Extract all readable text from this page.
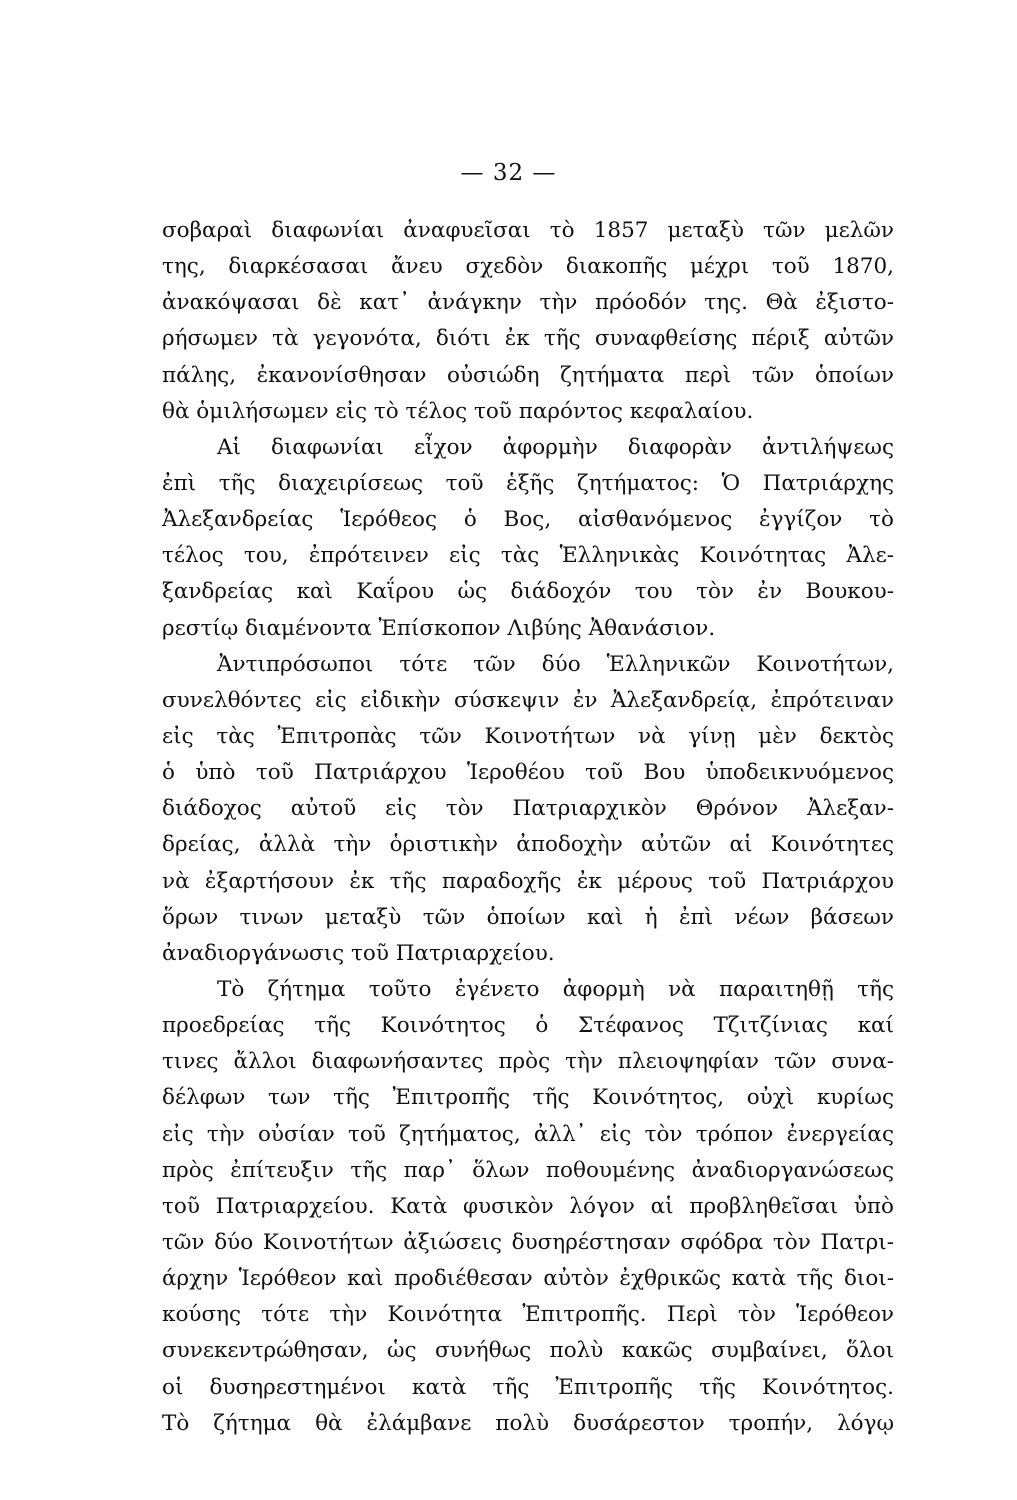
— 32 —
σοβαραὶ διαφωνίαι ἀναφυεῖσαι τὸ 1857 μεταξὺ τῶν μελῶν
της, διαρκέσασαι ἄνευ σχεδὸν διακοπῆς μέχρι τοῦ 1870,
ἀνακόψασαι δὲ κατ᾽ ἀνάγκην τὴν πρόοδόν της. Θὰ ἐξιστο-
ρήσωμεν τὰ γεγονότα, διότι ἐκ τῆς συναφθείσης πέριξ αὐτῶν
πάλης, ἐκανονίσθησαν οὐσιώδη ζητήματα περὶ τῶν ὁποίων
θὰ ὁμιλήσωμεν εἰς τὸ τέλος τοῦ παρόντος κεφαλαίου.
Αἱ διαφωνίαι εἶχον ἀφορμὴν διαφορὰν ἀντιλήψεως
ἐπὶ τῆς διαχειρίσεως τοῦ ἑξῆς ζητήματος: Ὁ Πατριάρχης
Ἀλεξανδρείας Ἱερόθεος ὁ Βος, αἰσθανόμενος ἐγγίζον τὸ
τέλος του, ἐπρότεινεν εἰς τὰς Ἑλληνικὰς Κοινότητας Ἀλε-
ξανδρείας καὶ Καΐρου ὡς διάδοχόν του τὸν ἐν Βουκου-
ρεστίῳ διαμένοντα Ἐπίσκοπον Λιβύης Ἀθανάσιον.
Ἀντιπρόσωποι τότε τῶν δύο Ἑλληνικῶν Κοινοτήτων,
συνελθόντες εἰς εἰδικὴν σύσκεψιν ἐν Ἀλεξανδρείᾳ, ἐπρότειναν
εἰς τὰς Ἐπιτροπὰς τῶν Κοινοτήτων νὰ γίνῃ μὲν δεκτὸς
ὁ ὑπὸ τοῦ Πατριάρχου Ἱεροθέου τοῦ Βου ὑποδεικνυόμενος
διάδοχος αὐτοῦ εἰς τὸν Πατριαρχικὸν Θρόνον Ἀλεξαν-
δρείας, ἀλλὰ τὴν ὁριστικὴν ἀποδοχὴν αὐτῶν αἱ Κοινότητες
νὰ ἐξαρτήσουν ἐκ τῆς παραδοχῆς ἐκ μέρους τοῦ Πατριάρχου
ὅρων τινων μεταξὺ τῶν ὁποίων καὶ ἡ ἐπὶ νέων βάσεων
ἀναδιοργάνωσις τοῦ Πατριαρχείου.
Τὸ ζήτημα τοῦτο ἐγένετο ἀφορμὴ νὰ παραιτηθῇ τῆς
προεδρείας τῆς Κοινότητος ὁ Στέφανος Τζιτζίνιας καί
τινες ἄλλοι διαφωνήσαντες πρὸς τὴν πλειοψηφίαν τῶν συνα-
δέλφων των τῆς Ἐπιτροπῆς τῆς Κοινότητος, οὐχὶ κυρίως
εἰς τὴν οὐσίαν τοῦ ζητήματος, ἀλλ᾽ εἰς τὸν τρόπον ἐνεργείας
πρὸς ἐπίτευξιν τῆς παρ᾽ ὅλων ποθουμένης ἀναδιοργανώσεως
τοῦ Πατριαρχείου. Κατὰ φυσικὸν λόγον αἱ προβληθεῖσαι ὑπὸ
τῶν δύο Κοινοτήτων ἀξιώσεις δυσηρέστησαν σφόδρα τὸν Πατρι-
άρχην Ἱερόθεον καὶ προδιέθεσαν αὐτὸν ἐχθρικῶς κατὰ τῆς διοι-
κούσης τότε τὴν Κοινότητα Ἐπιτροπῆς. Περὶ τὸν Ἱερόθεον
συνεκεντρώθησαν, ὡς συνήθως πολὺ κακῶς συμβαίνει, ὅλοι
οἱ δυσηρεστημένοι κατὰ τῆς Ἐπιτροπῆς τῆς Κοινότητος.
Τὸ ζήτημα θὰ ἐλάμβανε πολὺ δυσάρεστον τροπήν, λόγῳ
